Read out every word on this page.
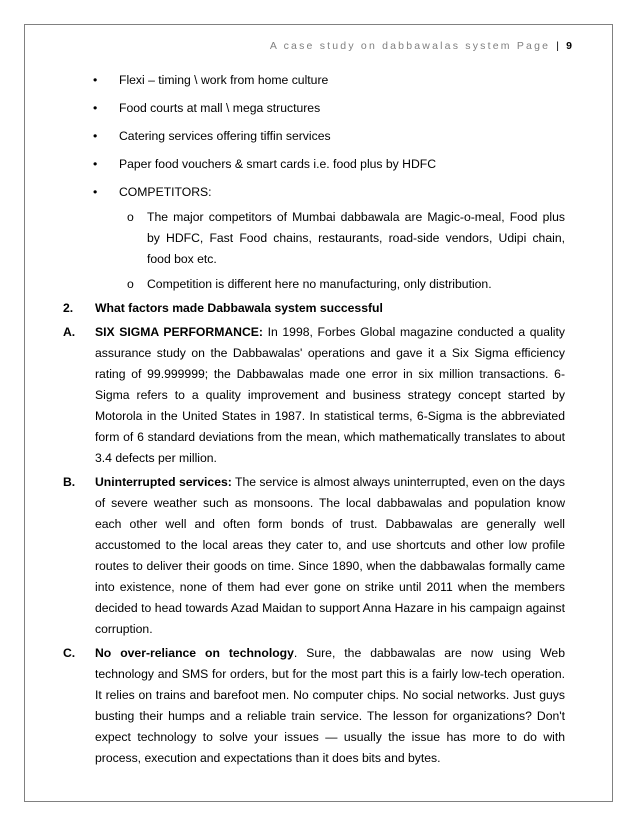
A case study on dabbawalas system Page | 9
• Flexi – timing \ work from home culture
• Food courts at mall \ mega structures
• Catering services offering tiffin services
• Paper food vouchers & smart cards i.e. food plus by HDFC
• COMPETITORS:
o The major competitors of Mumbai dabbawala are Magic-o-meal, Food plus by HDFC, Fast Food chains, restaurants, road-side vendors, Udipi chain, food box etc.
o Competition is different here no manufacturing, only distribution.
2. What factors made Dabbawala system successful
A. SIX SIGMA PERFORMANCE: In 1998, Forbes Global magazine conducted a quality assurance study on the Dabbawalas' operations and gave it a Six Sigma efficiency rating of 99.999999; the Dabbawalas made one error in six million transactions. 6- Sigma refers to a quality improvement and business strategy concept started by Motorola in the United States in 1987. In statistical terms, 6-Sigma is the abbreviated form of 6 standard deviations from the mean, which mathematically translates to about 3.4 defects per million.
B. Uninterrupted services: The service is almost always uninterrupted, even on the days of severe weather such as monsoons. The local dabbawalas and population know each other well and often form bonds of trust. Dabbawalas are generally well accustomed to the local areas they cater to, and use shortcuts and other low profile routes to deliver their goods on time. Since 1890, when the dabbawalas formally came into existence, none of them had ever gone on strike until 2011 when the members decided to head towards Azad Maidan to support Anna Hazare in his campaign against corruption.
C. No over-reliance on technology. Sure, the dabbawalas are now using Web technology and SMS for orders, but for the most part this is a fairly low-tech operation. It relies on trains and barefoot men. No computer chips. No social networks. Just guys busting their humps and a reliable train service. The lesson for organizations? Don't expect technology to solve your issues — usually the issue has more to do with process, execution and expectations than it does bits and bytes.
